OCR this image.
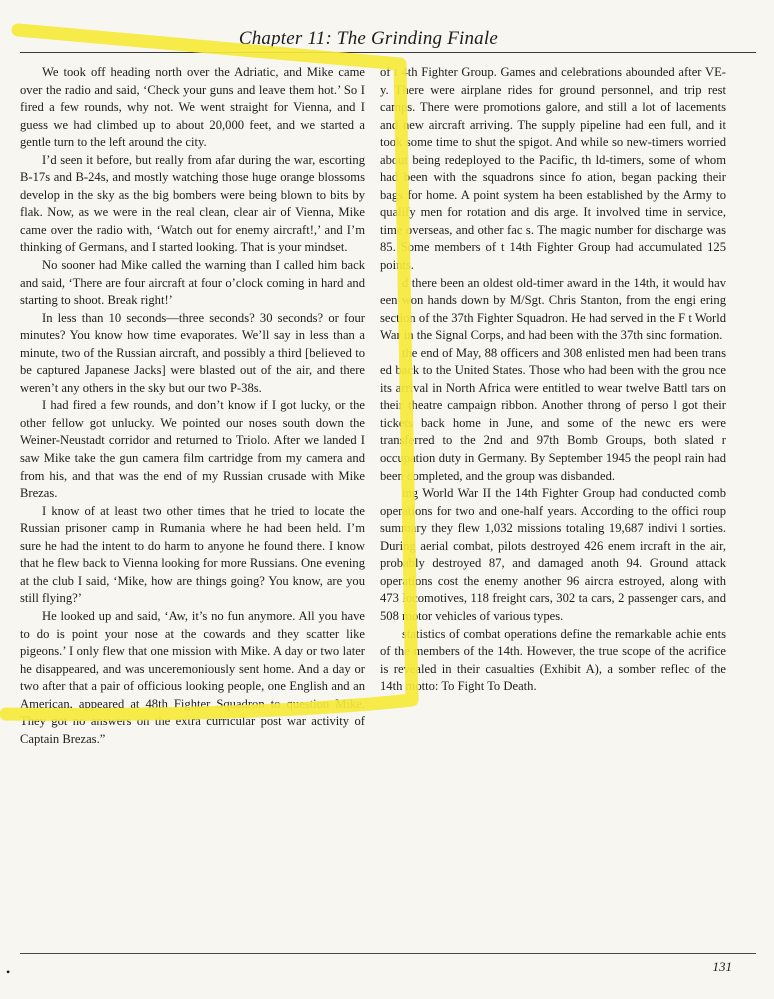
Chapter 11: The Grinding Finale

We took off heading north over the Adriatic, and Mike came over the radio and said, ‘Check your guns and leave them hot.’ So I fired a few rounds, why not. We went straight for Vienna, and I guess we had climbed up to about 20,000 feet, and we started a gentle turn to the left around the city.

I’d seen it before, but really from afar during the war, escorting B-17s and B-24s, and mostly watching those huge orange blossoms develop in the sky as the big bombers were being blown to bits by flak. Now, as we were in the real clean, clear air of Vienna, Mike came over the radio with, ‘Watch out for enemy aircraft!,’ and I’m thinking of Germans, and I started looking. That is your mindset.

No sooner had Mike called the warning than I called him back and said, ‘There are four aircraft at four o’clock coming in hard and starting to shoot. Break right!’

In less than 10 seconds—three seconds? 30 seconds? or four minutes? You know how time evaporates. We’ll say in less than a minute, two of the Russian aircraft, and possibly a third [believed to be captured Japanese Jacks] were blasted out of the air, and there weren’t any others in the sky but our two P-38s.

I had fired a few rounds, and don’t know if I got lucky, or the other fellow got unlucky. We pointed our noses south down the Weiner-Neustadt corridor and returned to Triolo. After we landed I saw Mike take the gun camera film cartridge from my camera and from his, and that was the end of my Russian crusade with Mike Brezas.

I know of at least two other times that he tried to locate the Russian prisoner camp in Rumania where he had been held. I’m sure he had the intent to do harm to anyone he found there. I know that he flew back to Vienna looking for more Russians. One evening at the club I said, ‘Mike, how are things going? You know, are you still flying?’

He looked up and said, ‘Aw, it’s no fun anymore. All you have to do is point your nose at the cowards and they scatter like pigeons.’ I only flew that one mission with Mike. A day or two later he disappeared, and was unceremoniously sent home. And a day or two after that a pair of officious looking people, one English and an American, appeared at 48th Fighter Squadron to question Mike. They got no answers on the extra curricular post war activity of Captain Brezas.”

of t 4th Fighter Group. Games and celebrations abounded after VE- y. There were airplane rides for ground personnel, and trip rest camps. There were promotions galore, and still a lot of lacements and new aircraft arriving. The supply pipeline had een full, and it took some time to shut the spigot. And while so new-timers worried about being redeployed to the Pacific, th ld-timers, some of whom had been with the squadrons since fo ation, began packing their bags for home. A point system ha been established by the Army to qualify men for rotation and dis arge. It involved time in service, time overseas, and other fac s. The magic number for discharge was 85. Some members of t 14th Fighter Group had accumulated 125 points.

d there been an oldest old-timer award in the 14th, it would hav een won hands down by M/Sgt. Chris Stanton, from the engi ering section of the 37th Fighter Squadron. He had served in the F t World War in the Signal Corps, and had been with the 37th sinc formation.

the end of May, 88 officers and 308 enlisted men had been trans ed back to the United States. Those who had been with the grou nce its arrival in North Africa were entitled to wear twelve Battl tars on their theatre campaign ribbon. Another throng of perso l got their tickets back home in June, and some of the newc ers were transferred to the 2nd and 97th Bomb Groups, both slated r occupation duty in Germany. By September 1945 the peopl rain had been completed, and the group was disbanded.

ing World War II the 14th Fighter Group had conducted comb operations for two and one-half years. According to the offici roup summary they flew 1,032 missions totaling 19,687 indivi l sorties. During aerial combat, pilots destroyed 426 enem ircraft in the air, probably destroyed 87, and damaged anoth 94. Ground attack operations cost the enemy another 96 aircra estroyed, along with 473 locomotives, 118 freight cars, 302 ta cars, 2 passenger cars, and 508 motor vehicles of various types.

statistics of combat operations define the remarkable achie ents of the members of the 14th. However, the true scope of the acrifice is revealed in their casualties (Exhibit A), a somber reflec of the 14th motto: To Fight To Death.

•	131
